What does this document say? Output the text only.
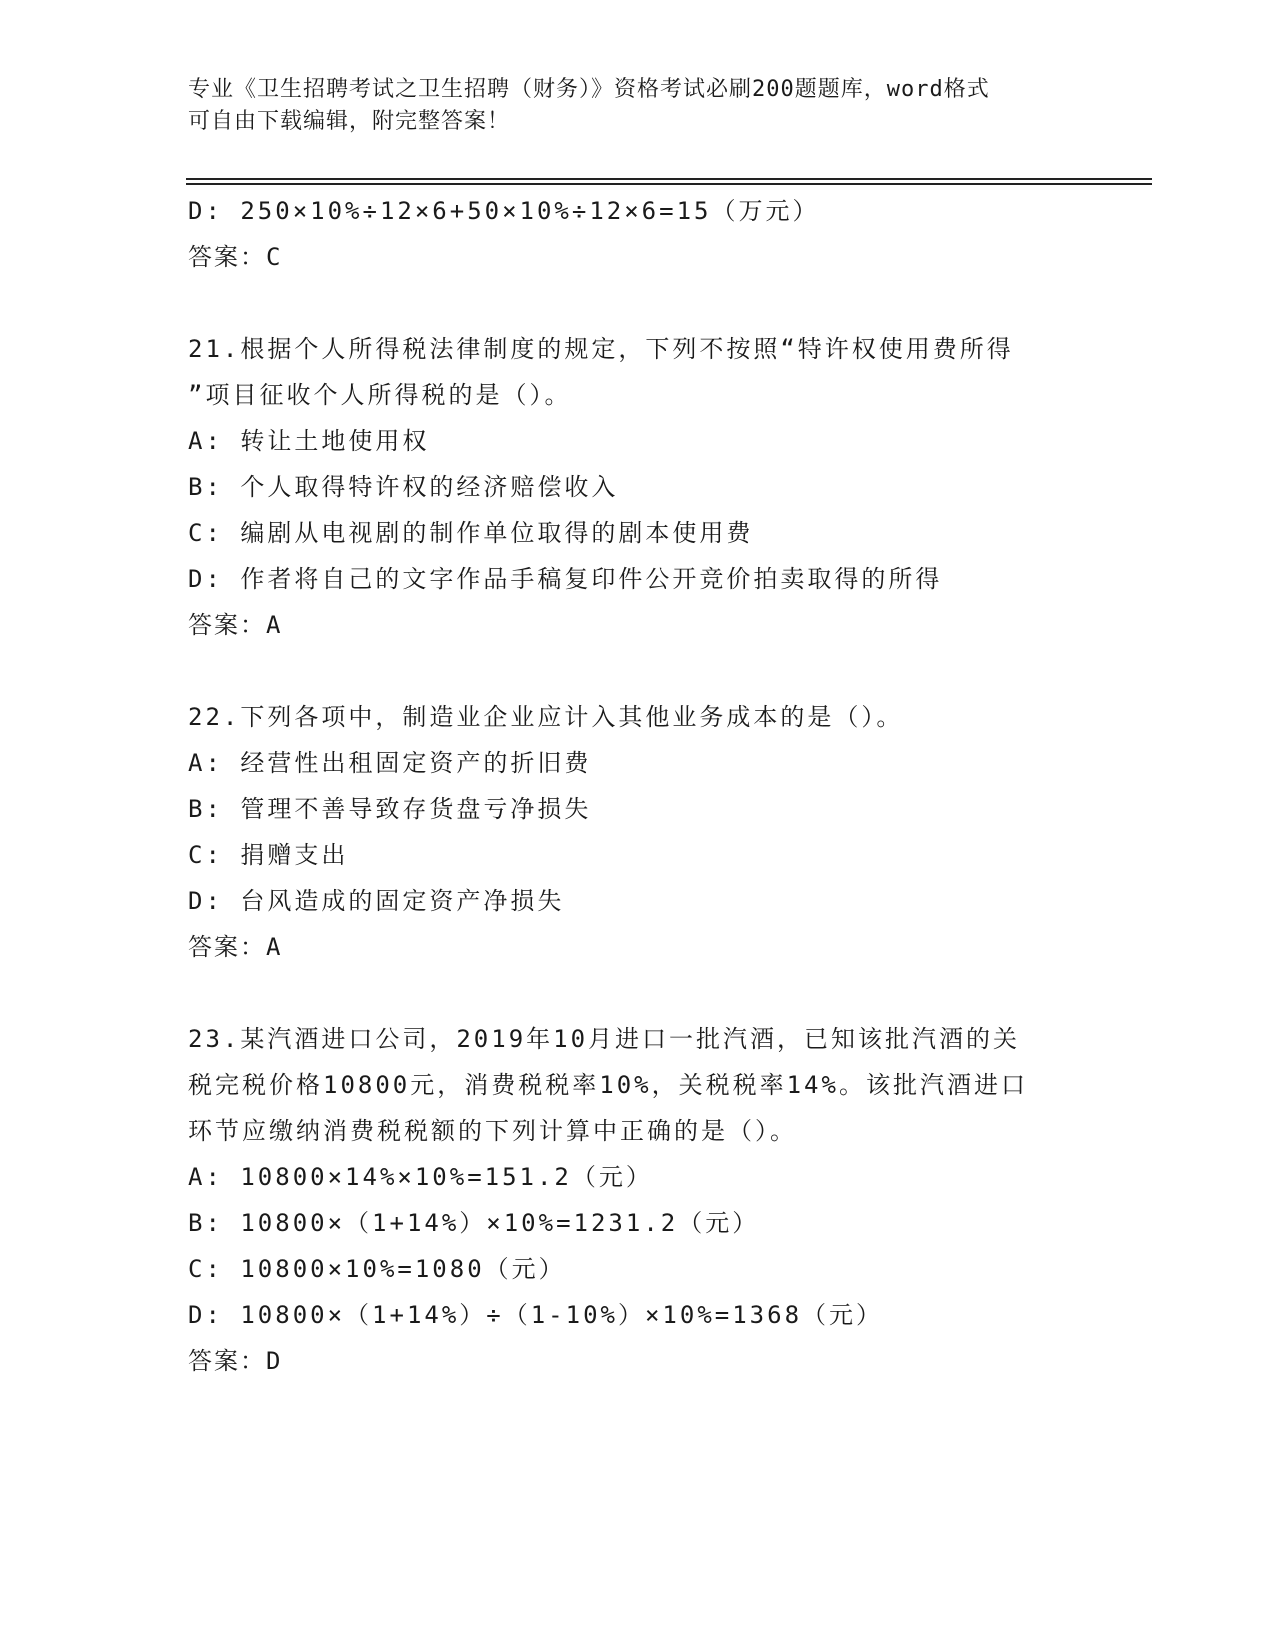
专业《卫生招聘考试之卫生招聘（财务）》资格考试必刷200题题库，word格式
可自由下载编辑，附完整答案！
D: 250×10%÷12×6+50×10%÷12×6=15（万元）
答案：C
21.根据个人所得税法律制度的规定，下列不按照“特许权使用费所得
”项目征收个人所得税的是（）。
A: 转让土地使用权
B: 个人取得特许权的经济赔偿收入
C: 编剧从电视剧的制作单位取得的剧本使用费
D: 作者将自己的文字作品手稿复印件公开竞价拍卖取得的所得
答案：A
22.下列各项中，制造业企业应计入其他业务成本的是（）。
A: 经营性出租固定资产的折旧费
B: 管理不善导致存货盘亏净损失
C: 捐赠支出
D: 台风造成的固定资产净损失
答案：A
23.某汽酒进口公司，2019年10月进口一批汽酒，已知该批汽酒的关
税完税价格10800元，消费税税率10%，关税税率14%。该批汽酒进口
环节应缴纳消费税税额的下列计算中正确的是（）。
A: 10800×14%×10%=151.2（元）
B: 10800×（1+14%）×10%=1231.2（元）
C: 10800×10%=1080（元）
D: 10800×（1+14%）÷（1-10%）×10%=1368（元）
答案：D
